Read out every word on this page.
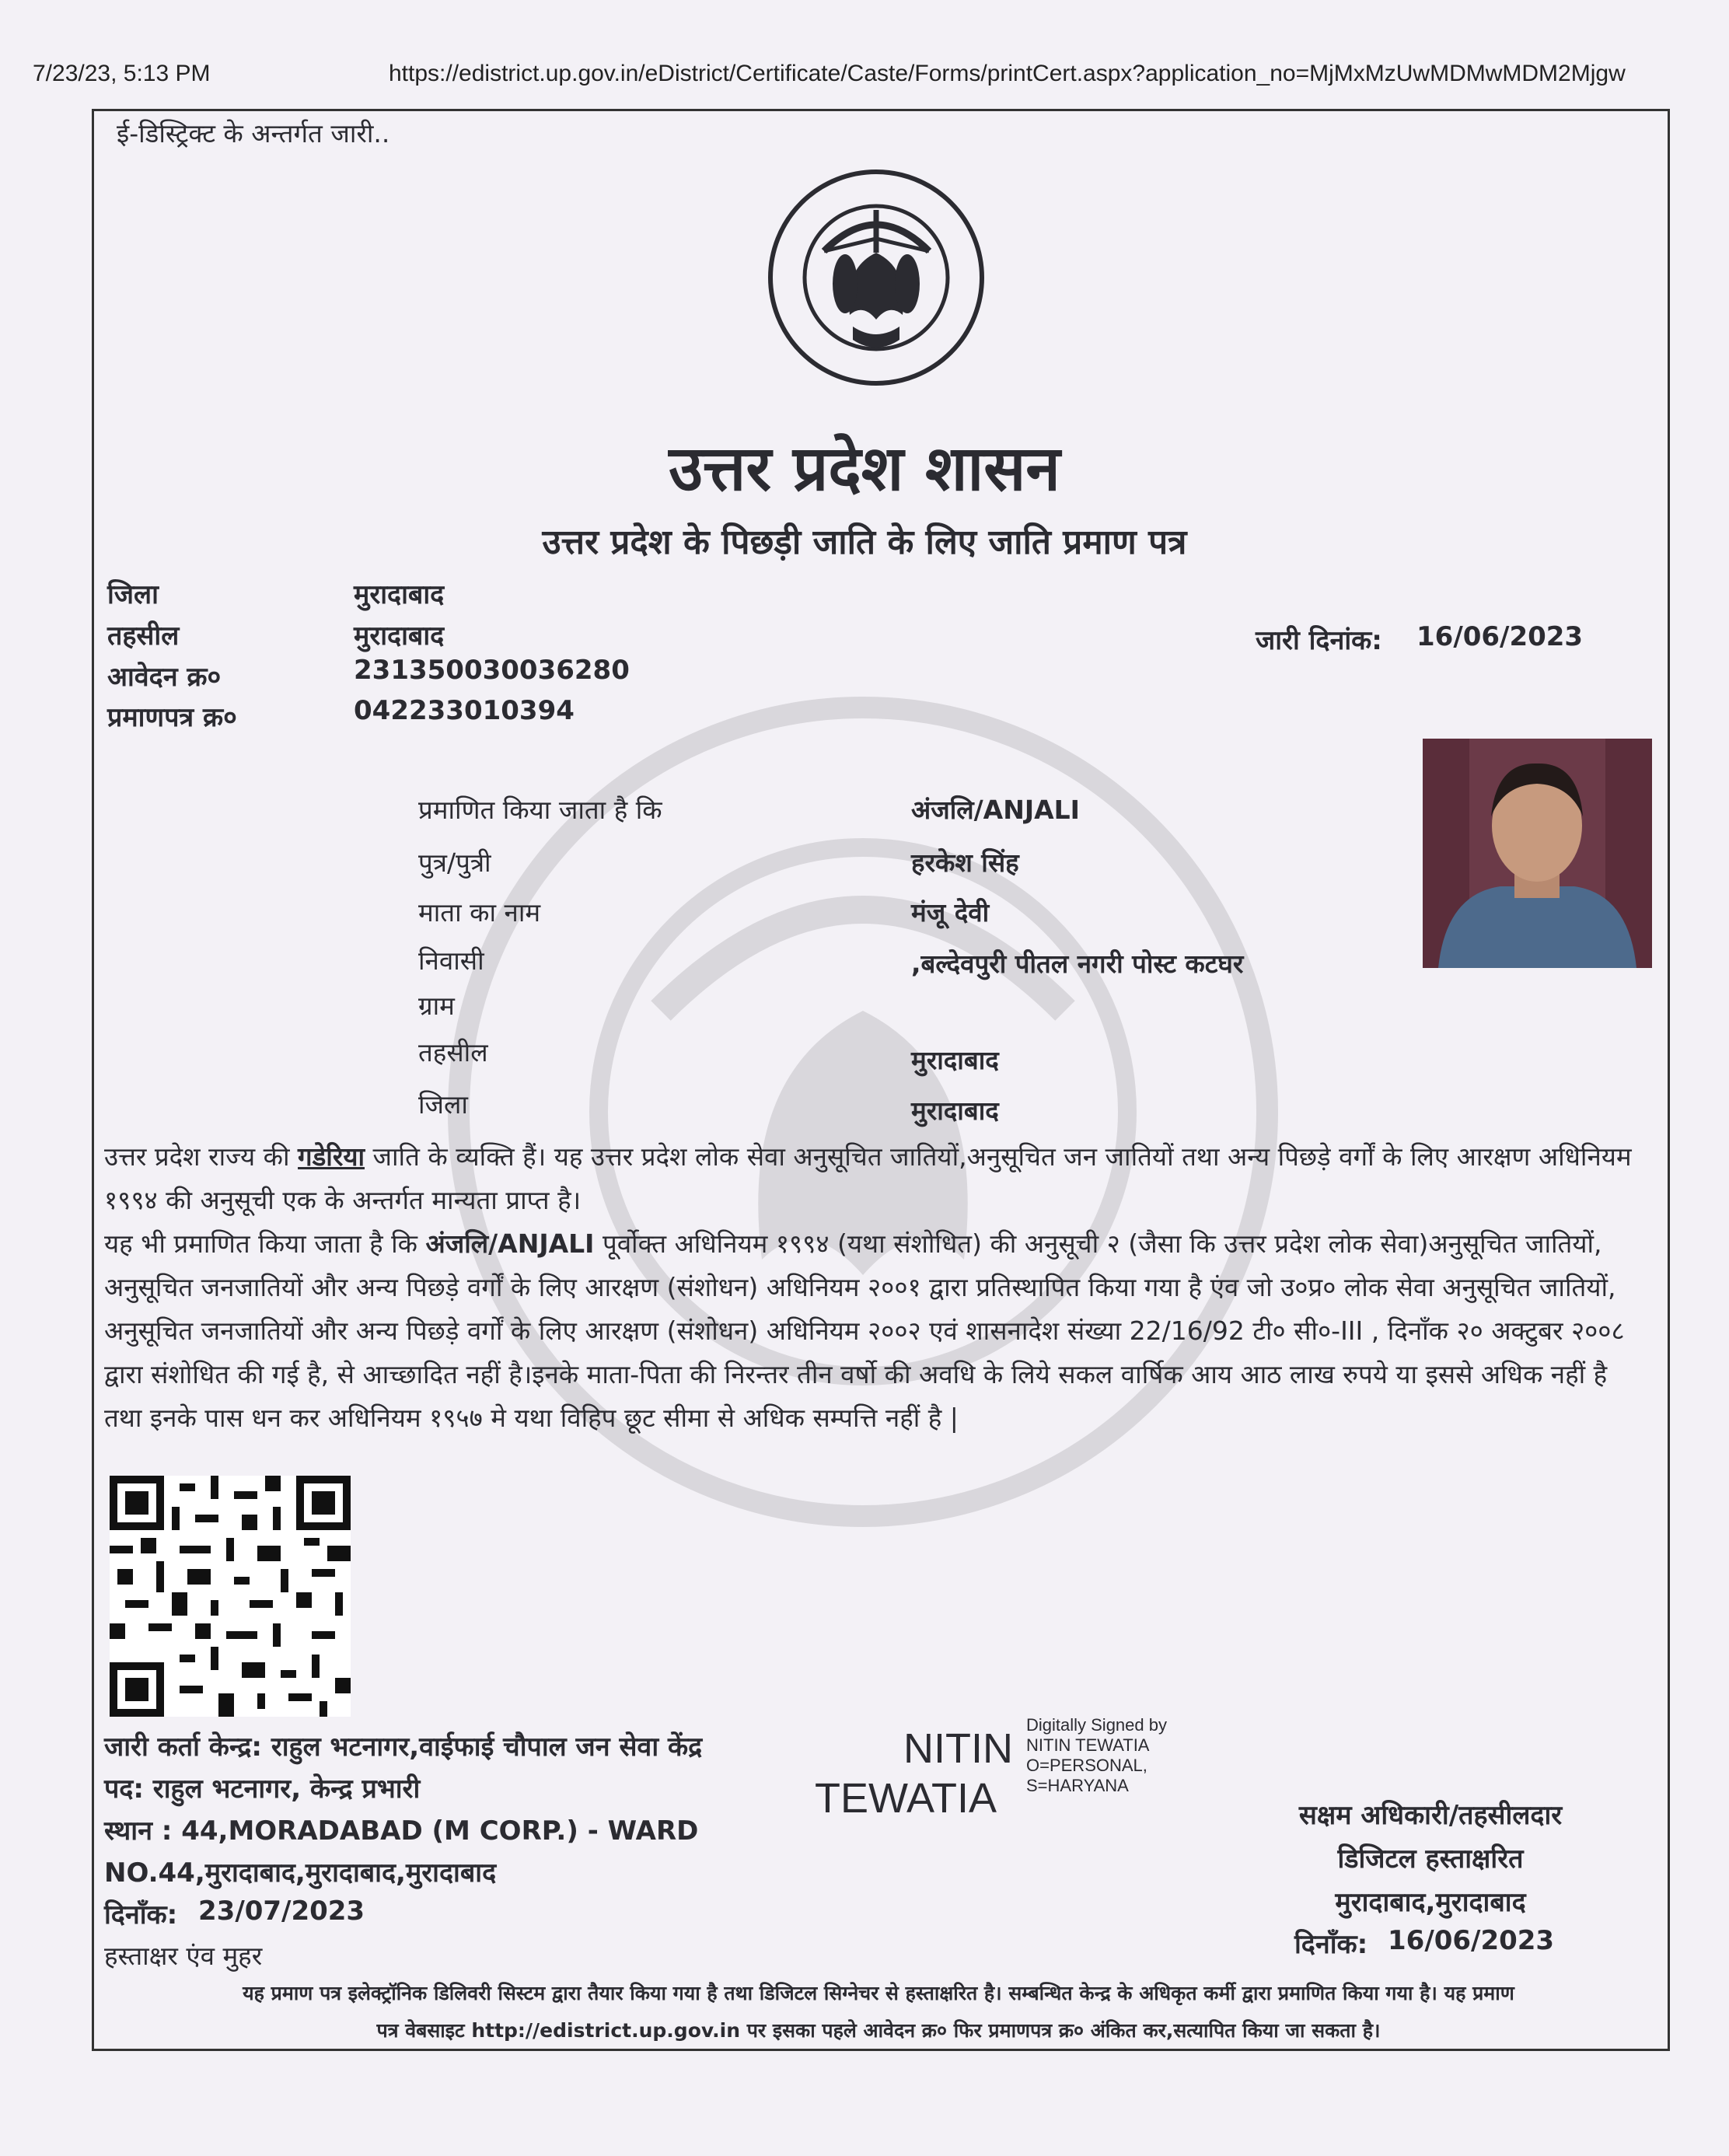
7/23/23, 5:13 PM	https://edistrict.up.gov.in/eDistrict/Certificate/Caste/Forms/printCert.aspx?application_no=MjMxMzUwMDMwMDM2Mjgw
ई-डिस्ट्रिक्ट के अन्तर्गत जारी..
उत्तर प्रदेश शासन
उत्तर प्रदेश के पिछड़ी जाति के लिए जाति प्रमाण पत्र
जिला	मुरादाबाद
तहसील	मुरादाबाद
आवेदन क्र०	231350030036280
प्रमाणपत्र क्र०	042233010394
जारी दिनांक: 16/06/2023
प्रमाणित किया जाता है कि	अंजलि/ANJALI
पुत्र/पुत्री	हरकेश सिंह
माता का नाम	मंजू देवी
निवासी	,बल्देवपुरी पीतल नगरी पोस्ट कटघर
ग्राम
तहसील	मुरादाबाद
जिला	मुरादाबाद
उत्तर प्रदेश राज्य की गडेरिया जाति के व्यक्ति हैं। यह उत्तर प्रदेश लोक सेवा अनुसूचित जातियों,अनुसूचित जन जातियों तथा अन्य पिछड़े वर्गों के लिए आरक्षण अधिनियम १९९४ की अनुसूची एक के अन्तर्गत मान्यता प्राप्त है।
यह भी प्रमाणित किया जाता है कि अंजलि/ANJALI पूर्वोक्त अधिनियम १९९४ (यथा संशोधित) की अनुसूची २ (जैसा कि उत्तर प्रदेश लोक सेवा)अनुसूचित जातियों, अनुसूचित जनजातियों और अन्य पिछड़े वर्गों के लिए आरक्षण (संशोधन) अधिनियम २००१ द्वारा प्रतिस्थापित किया गया है एंव जो उ०प्र० लोक सेवा अनुसूचित जातियों, अनुसूचित जनजातियों और अन्य पिछड़े वर्गों के लिए आरक्षण (संशोधन) अधिनियम २००२ एवं शासनादेश संख्या 22/16/92 टी० सी०-III , दिनाँक २० अक्टुबर २००८ द्वारा संशोधित की गई है, से आच्छादित नहीं है।इनके माता-पिता की निरन्तर तीन वर्षो की अवधि के लिये सकल वार्षिक आय आठ लाख रुपये या इससे अधिक नहीं है तथा इनके पास धन कर अधिनियम १९५७ मे यथा विहिप छूट सीमा से अधिक सम्पत्ति नहीं है |
जारी कर्ता केन्द्र: राहुल भटनागर,वाईफाई चौपाल जन सेवा केंद्र
पद: राहुल भटनागर, केन्द्र प्रभारी
स्थान : 44,MORADABAD (M CORP.) - WARD
NO.44,मुरादाबाद,मुरादाबाद,मुरादाबाद
दिनाँक: 23/07/2023
हस्ताक्षर एंव मुहर
NITIN
TEWATIA
Digitally Signed by
NITIN TEWATIA
O=PERSONAL,
S=HARYANA
सक्षम अधिकारी/तहसीलदार
डिजिटल हस्ताक्षरित
मुरादाबाद,मुरादाबाद
दिनाँक: 16/06/2023
यह प्रमाण पत्र इलेक्ट्रॉनिक डिलिवरी सिस्टम द्वारा तैयार किया गया है तथा डिजिटल सिग्नेचर से हस्ताक्षरित है। सम्बन्धित केन्द्र के अधिकृत कर्मी द्वारा प्रमाणित किया गया है। यह प्रमाण
पत्र वेबसाइट http://edistrict.up.gov.in पर इसका पहले आवेदन क्र० फिर प्रमाणपत्र क्र० अंकित कर,सत्यापित किया जा सकता है।
